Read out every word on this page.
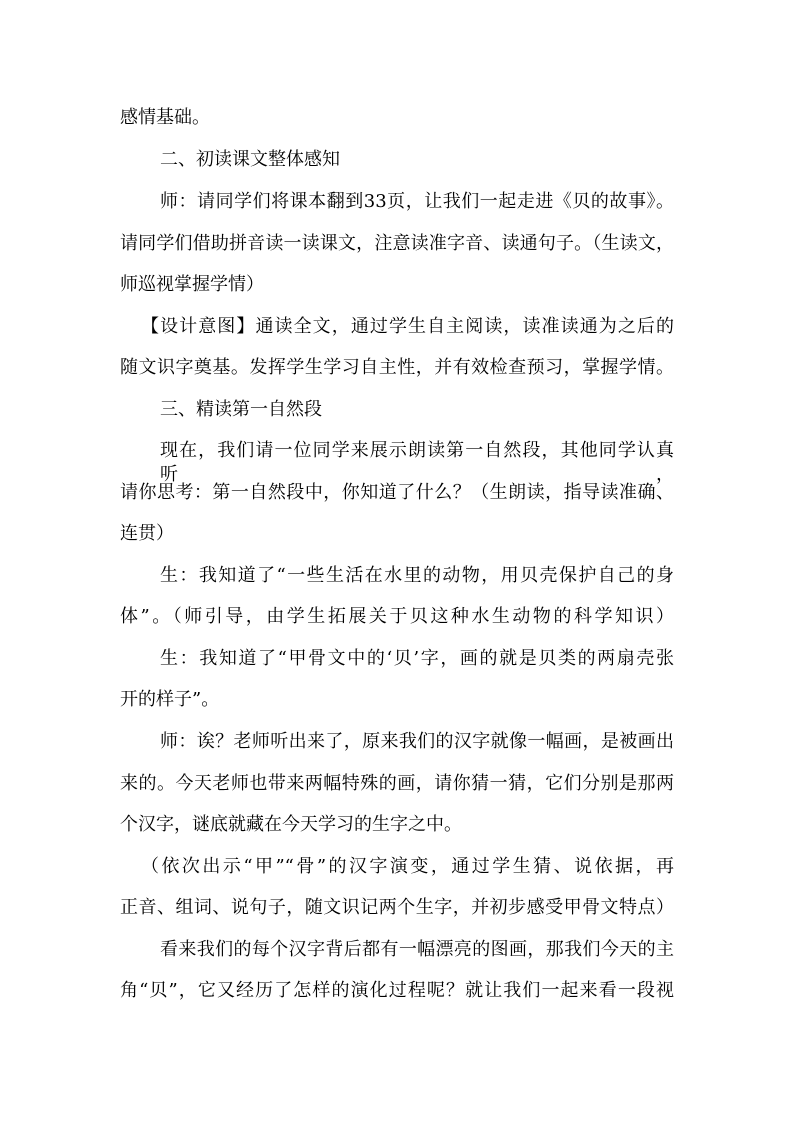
感情基础。
二、初读课文整体感知
师：请同学们将课本翻到33页，让我们一起走进《贝的故事》。
请同学们借助拼音读一读课文，注意读准字音、读通句子。（生读文，
师巡视掌握学情）
【设计意图】通读全文，通过学生自主阅读，读准读通为之后的
随文识字奠基。发挥学生学习自主性，并有效检查预习，掌握学情。
三、精读第一自然段
现在，我们请一位同学来展示朗读第一自然段，其他同学认真听，
请你思考：第一自然段中，你知道了什么？（生朗读，指导读准确、
连贯）
生：我知道了“一些生活在水里的动物，用贝壳保护自己的身
体”。（师引导，由学生拓展关于贝这种水生动物的科学知识）
生：我知道了“甲骨文中的‘贝’字，画的就是贝类的两扇壳张
开的样子”。
师：诶？老师听出来了，原来我们的汉字就像一幅画，是被画出
来的。今天老师也带来两幅特殊的画，请你猜一猜，它们分别是那两
个汉字，谜底就藏在今天学习的生字之中。
（依次出示“甲”“骨”的汉字演变，通过学生猜、说依据，再
正音、组词、说句子，随文识记两个生字，并初步感受甲骨文特点）
看来我们的每个汉字背后都有一幅漂亮的图画，那我们今天的主
角“贝”，它又经历了怎样的演化过程呢？就让我们一起来看一段视
